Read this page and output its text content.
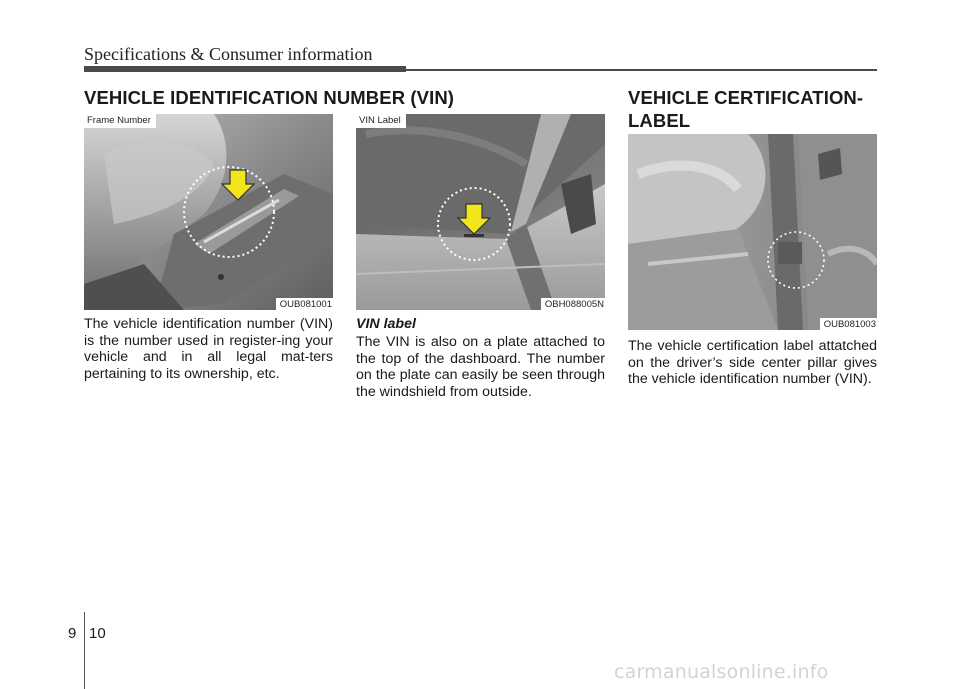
Specifications & Consumer information
VEHICLE IDENTIFICATION NUMBER (VIN)	VEHICLE CERTIFICATION-LABEL
Frame Number
OUB081001

The vehicle identification number (VIN) is the number used in register-ing your vehicle and in all legal mat-ters pertaining to its ownership, etc.

VIN Label
OBH088005N
VIN label

The VIN is also on a plate attached to the top of the dashboard. The number on the plate can easily be seen through the windshield from outside.

OUB081003

The vehicle certification label attatched on the driver’s side center pillar gives the vehicle identification number (VIN).

9 10
carmanualsonline.info
